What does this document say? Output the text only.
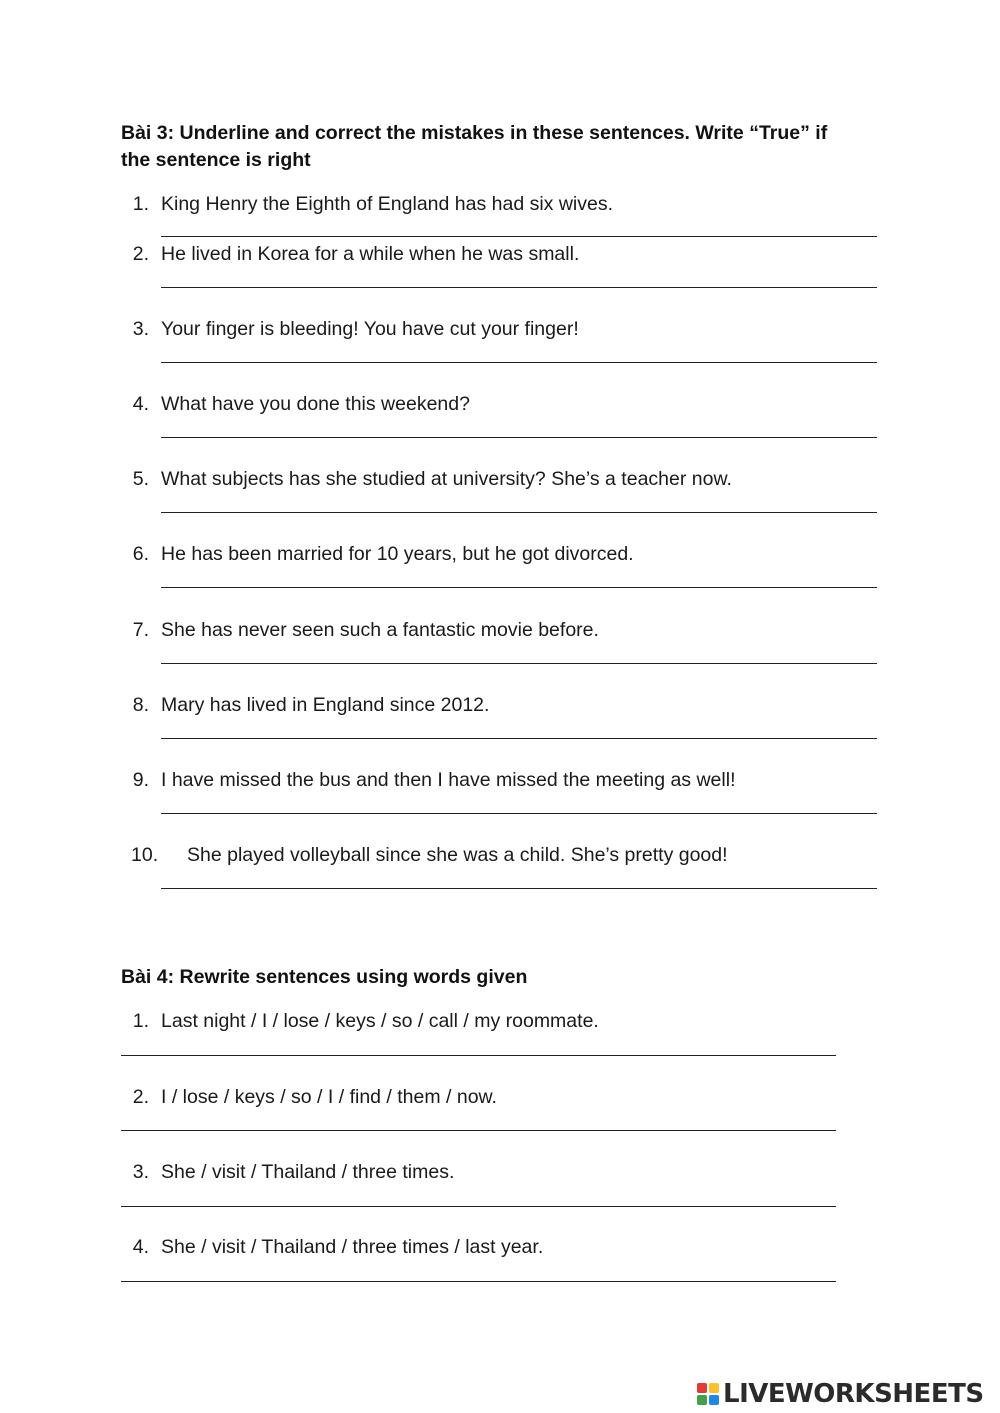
Bài 3: Underline and correct the mistakes in these sentences. Write “True” if the sentence is right
1. King Henry the Eighth of England has had six wives.
2. He lived in Korea for a while when he was small.
3. Your finger is bleeding! You have cut your finger!
4. What have you done this weekend?
5. What subjects has she studied at university? She’s a teacher now.
6. He has been married for 10 years, but he got divorced.
7. She has never seen such a fantastic movie before.
8. Mary has lived in England since 2012.
9. I have missed the bus and then I have missed the meeting as well!
10. She played volleyball since she was a child. She’s pretty good!
Bài 4: Rewrite sentences using words given
1. Last night / I / lose / keys / so / call / my roommate.
2. I / lose / keys / so / I / find / them / now.
3. She / visit / Thailand / three times.
4. She / visit / Thailand / three times / last year.
LIVEWORKSHEETS
